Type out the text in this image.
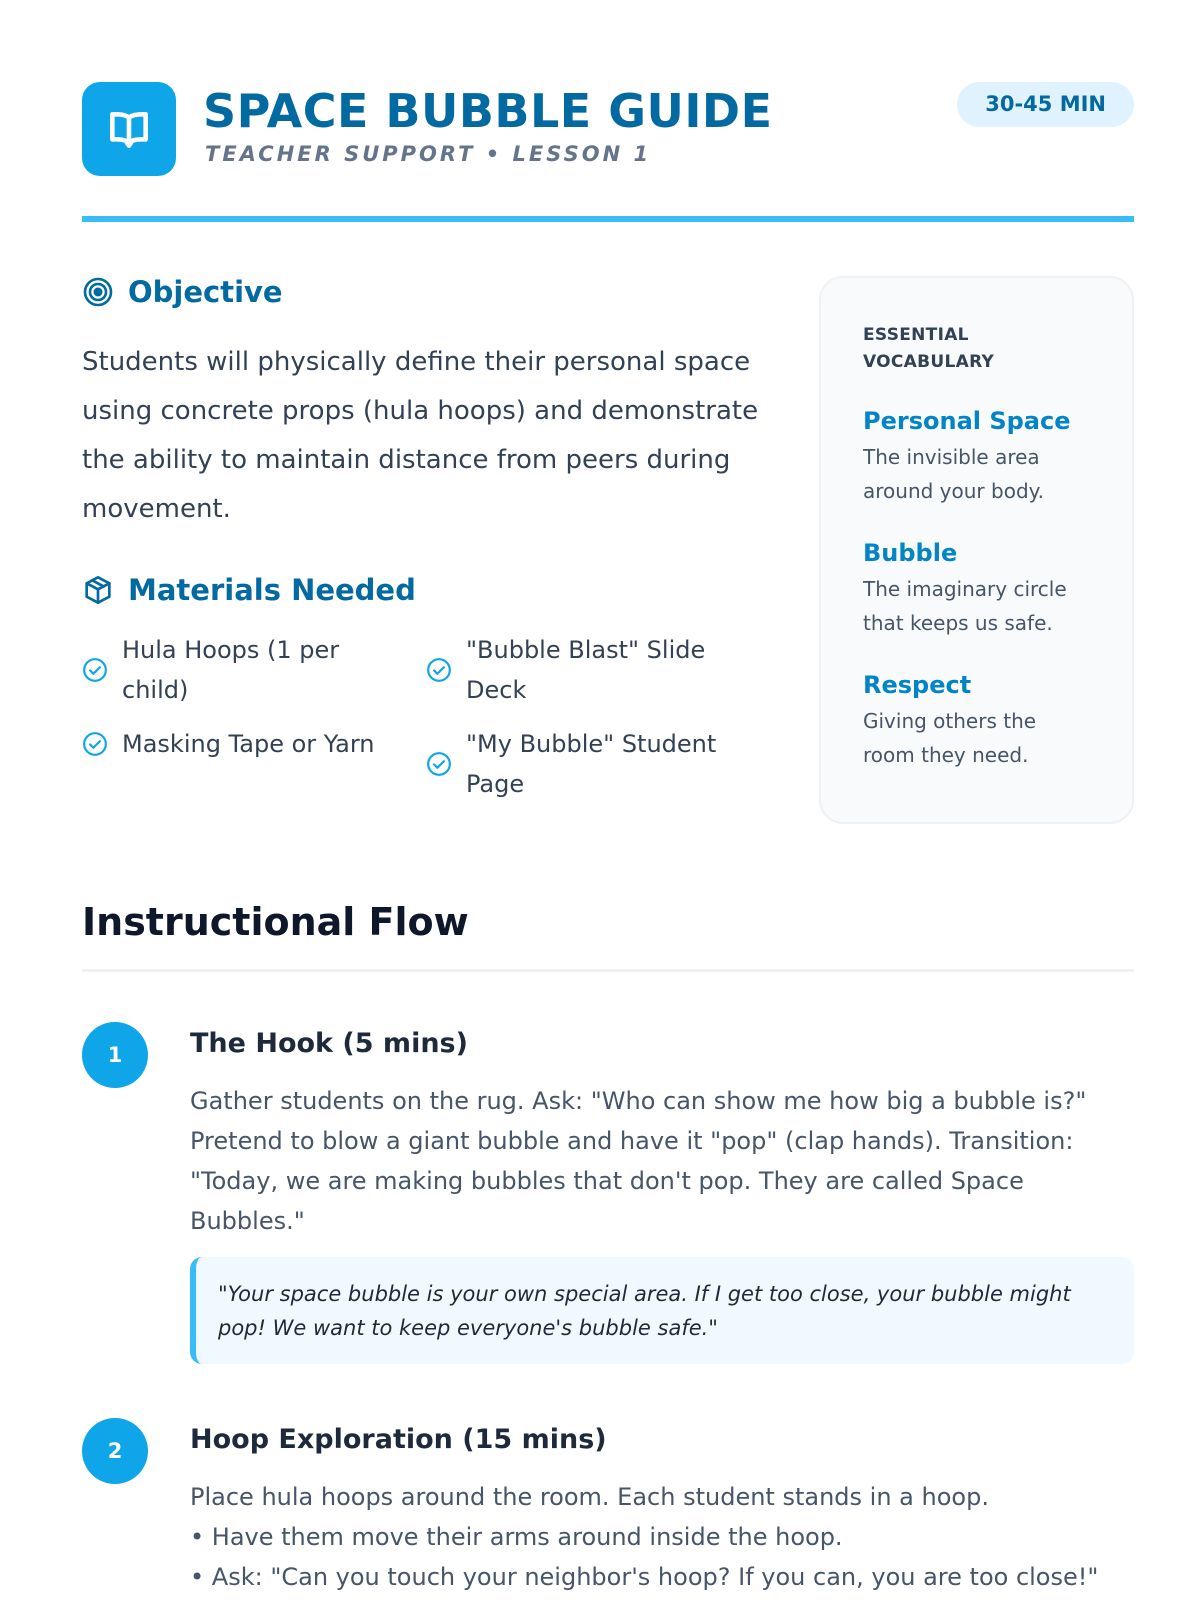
SPACE BUBBLE GUIDE
TEACHER SUPPORT • LESSON 1
30-45 MIN
Objective
Students will physically define their personal space using concrete props (hula hoops) and demonstrate the ability to maintain distance from peers during movement.
Materials Needed
Hula Hoops (1 per child)
"Bubble Blast" Slide Deck
Masking Tape or Yarn	"My Bubble" Student Page
ESSENTIAL VOCABULARY
Personal Space
The invisible area around your body.
Bubble
The imaginary circle that keeps us safe.
Respect
Giving others the room they need.
Instructional Flow
1	The Hook (5 mins)
Gather students on the rug. Ask: "Who can show me how big a bubble is?" Pretend to blow a giant bubble and have it "pop" (clap hands). Transition: "Today, we are making bubbles that don't pop. They are called Space Bubbles."
"Your space bubble is your own special area. If I get too close, your bubble might pop! We want to keep everyone's bubble safe."
2	Hoop Exploration (15 mins)
Place hula hoops around the room. Each student stands in a hoop.
• Have them move their arms around inside the hoop.
• Ask: "Can you touch your neighbor's hoop? If you can, you are too close!"
